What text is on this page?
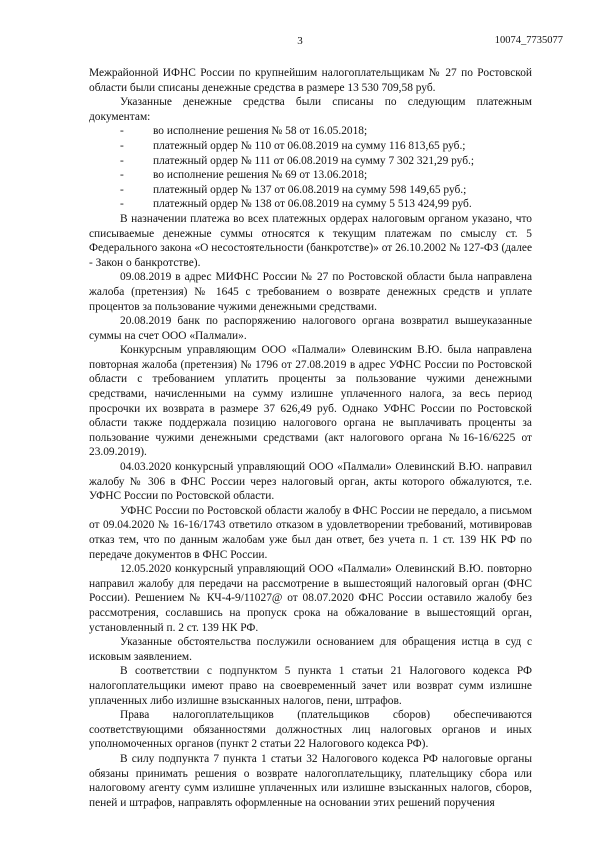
3	10074_7735077

Межрайонной ИФНС России по крупнейшим налогоплательщикам № 27 по Ростовской области были списаны денежные средства в размере 13 530 709,58 руб.

Указанные денежные средства были списаны по следующим платежным документам:

-	во исполнение решения № 58 от 16.05.2018;
-	платежный ордер № 110 от 06.08.2019 на сумму 116 813,65 руб.;
-	платежный ордер № 111 от 06.08.2019 на сумму 7 302 321,29 руб.;
-	во исполнение решения № 69 от 13.06.2018;
-	платежный ордер № 137 от 06.08.2019 на сумму 598 149,65 руб.;
-	платежный ордер № 138 от 06.08.2019 на сумму 5 513 424,99 руб.

В назначении платежа во всех платежных ордерах налоговым органом указано, что списываемые денежные суммы относятся к текущим платежам по смыслу ст. 5 Федерального закона «О несостоятельности (банкротстве)» от 26.10.2002 № 127-ФЗ (далее - Закон о банкротстве).

09.08.2019 в адрес МИФНС России № 27 по Ростовской области была направлена жалоба (претензия) № 1645 с требованием о возврате денежных средств и уплате процентов за пользование чужими денежными средствами.

20.08.2019 банк по распоряжению налогового органа возвратил вышеуказанные суммы на счет ООО «Палмали».

Конкурсным управляющим ООО «Палмали» Олевинским В.Ю. была направлена повторная жалоба (претензия) № 1796 от 27.08.2019 в адрес УФНС России по Ростовской области с требованием уплатить проценты за пользование чужими денежными средствами, начисленными на сумму излишне уплаченного налога, за весь период просрочки их возврата в размере 37 626,49 руб. Однако УФНС России по Ростовской области также поддержала позицию налогового органа не выплачивать проценты за пользование чужими денежными средствами (акт налогового органа №16-16/6225 от 23.09.2019).

04.03.2020 конкурсный управляющий ООО «Палмали» Олевинский В.Ю. направил жалобу № 306 в ФНС России через налоговый орган, акты которого обжалуются, т.е. УФНС России по Ростовской области.

УФНС России по Ростовской области жалобу в ФНС России не передало, а письмом от 09.04.2020 № 16-16/1743 ответило отказом в удовлетворении требований, мотивировав отказ тем, что по данным жалобам уже был дан ответ, без учета п. 1 ст. 139 НК РФ по передаче документов в ФНС России.

12.05.2020 конкурсный управляющий ООО «Палмали» Олевинский В.Ю. повторно направил жалобу для передачи на рассмотрение в вышестоящий налоговый орган (ФНС России). Решением № КЧ-4-9/11027@ от 08.07.2020 ФНС России оставило жалобу без рассмотрения, сославшись на пропуск срока на обжалование в вышестоящий орган, установленный п. 2 ст. 139 НК РФ.

Указанные обстоятельства послужили основанием для обращения истца в суд с исковым заявлением.

В соответствии с подпунктом 5 пункта 1 статьи 21 Налогового кодекса РФ налогоплательщики имеют право на своевременный зачет или возврат сумм излишне уплаченных либо излишне взысканных налогов, пени, штрафов.

Права налогоплательщиков (плательщиков сборов) обеспечиваются соответствующими обязанностями должностных лиц налоговых органов и иных уполномоченных органов (пункт 2 статьи 22 Налогового кодекса РФ).

В силу подпункта 7 пункта 1 статьи 32 Налогового кодекса РФ налоговые органы обязаны принимать решения о возврате налогоплательщику, плательщику сбора или налоговому агенту сумм излишне уплаченных или излишне взысканных налогов, сборов, пеней и штрафов, направлять оформленные на основании этих решений поручения
